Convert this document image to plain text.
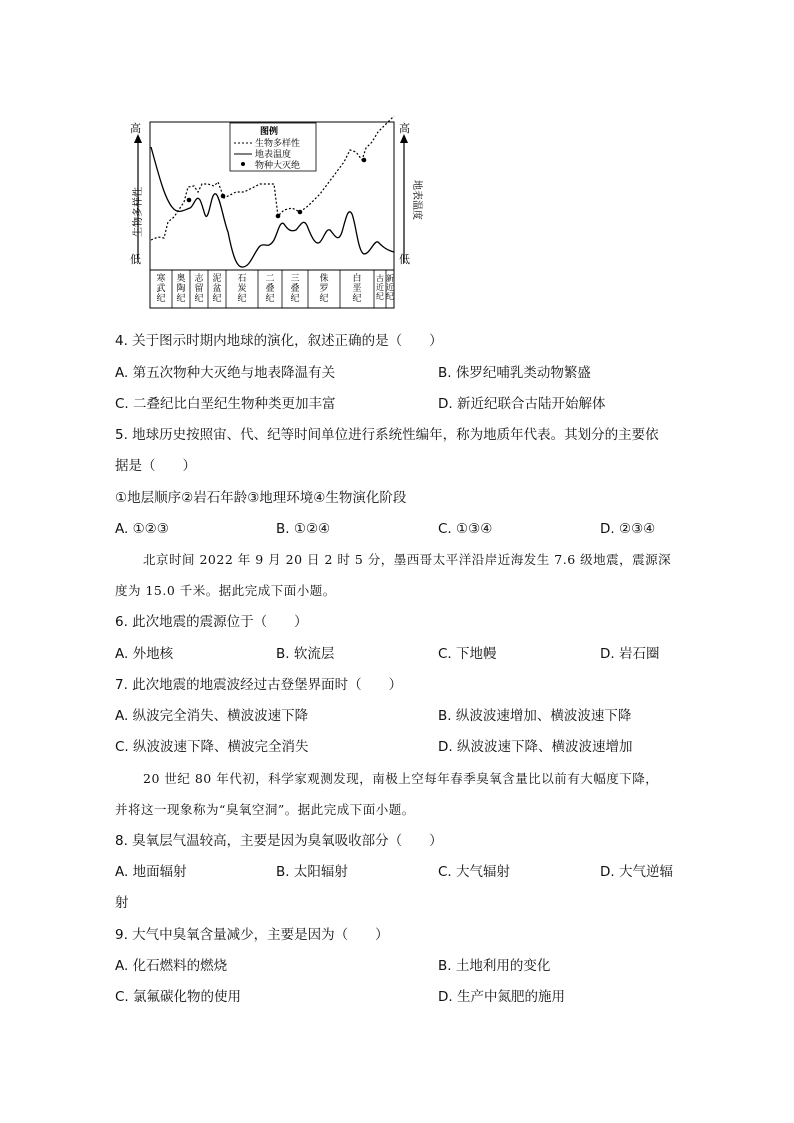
高
低
生物多样性
高
低
地表温度
图例
生物多样性
地表温度
物种大灭绝
寒武纪
奥陶纪
志留纪
泥盆纪
石炭纪
二叠纪
三叠纪
侏罗纪
白垩纪
古近纪
新近纪
4. 关于图示时期内地球的演化，叙述正确的是（　　）
A. 第五次物种大灭绝与地表降温有关	B. 侏罗纪哺乳类动物繁盛
C. 二叠纪比白垩纪生物种类更加丰富	D. 新近纪联合古陆开始解体
5. 地球历史按照宙、代、纪等时间单位进行系统性编年，称为地质年代表。其划分的主要依
据是（　　）
①地层顺序②岩石年龄③地理环境④生物演化阶段
A. ①②③	B. ①②④	C. ①③④	D. ②③④
北京时间 2022 年 9 月 20 日 2 时 5 分，墨西哥太平洋沿岸近海发生 7.6 级地震，震源深
度为 15.0 千米。据此完成下面小题。
6. 此次地震的震源位于（　　）
A. 外地核	B. 软流层	C. 下地幔	D. 岩石圈
7. 此次地震的地震波经过古登堡界面时（　　）
A. 纵波完全消失、横波波速下降	B. 纵波波速增加、横波波速下降
C. 纵波波速下降、横波完全消失	D. 纵波波速下降、横波波速增加
20 世纪 80 年代初，科学家观测发现，南极上空每年春季臭氧含量比以前有大幅度下降，
并将这一现象称为“臭氧空洞”。据此完成下面小题。
8. 臭氧层气温较高，主要是因为臭氧吸收部分（　　）
A. 地面辐射	B. 太阳辐射	C. 大气辐射	D. 大气逆辐
射
9. 大气中臭氧含量减少，主要是因为（　　）
A. 化石燃料的燃烧	B. 土地利用的变化
C. 氯氟碳化物的使用	D. 生产中氮肥的施用
